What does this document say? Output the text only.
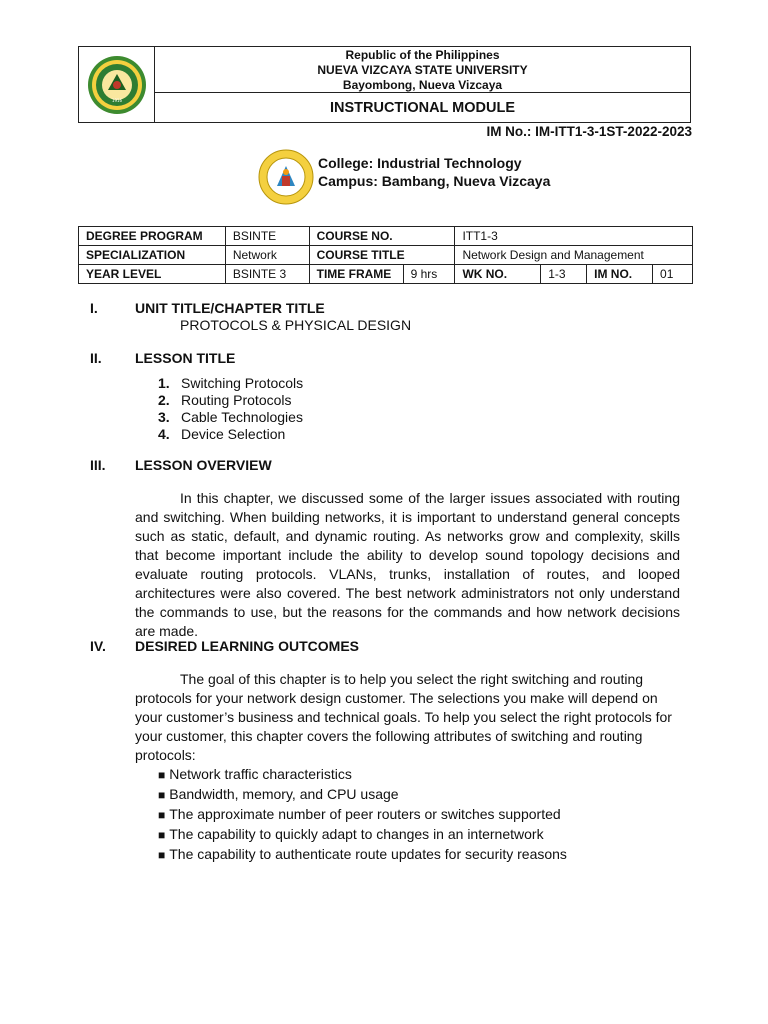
1916
Republic of the Philippines
NUEVA VIZCAYA STATE UNIVERSITY
Bayombong, Nueva Vizcaya
INSTRUCTIONAL MODULE
IM No.: IM-ITT1-3-1ST-2022-2023
College: Industrial Technology
Campus: Bambang, Nueva Vizcaya
DEGREE PROGRAM	BSINTE	COURSE NO.		ITT1-3			
SPECIALIZATION	Network	COURSE TITLE		Network Design and Management			
YEAR LEVEL	BSINTE 3	TIME FRAME	9 hrs	WK NO.	1-3	IM NO.	01
I.	UNIT TITLE/CHAPTER TITLE
PROTOCOLS & PHYSICAL DESIGN
II. LESSON TITLE
1. Switching Protocols
2. Routing Protocols
3. Cable Technologies
4. Device Selection
III. LESSON OVERVIEW
In this chapter, we discussed some of the larger issues associated with routing and switching. When building networks, it is important to understand general concepts such as static, default, and dynamic routing. As networks grow and complexity, skills that become important include the ability to develop sound topology decisions and evaluate routing protocols. VLANs, trunks, installation of routes, and looped architectures were also covered. The best network administrators not only understand the commands to use, but the reasons for the commands and how network decisions are made.
IV. DESIRED LEARNING OUTCOMES
The goal of this chapter is to help you select the right switching and routing protocols for your network design customer. The selections you make will depend on your customer’s business and technical goals. To help you select the right protocols for your customer, this chapter covers the following attributes of switching and routing protocols:
■ Network traffic characteristics
■ Bandwidth, memory, and CPU usage
■ The approximate number of peer routers or switches supported
■ The capability to quickly adapt to changes in an internetwork
■ The capability to authenticate route updates for security reasons
